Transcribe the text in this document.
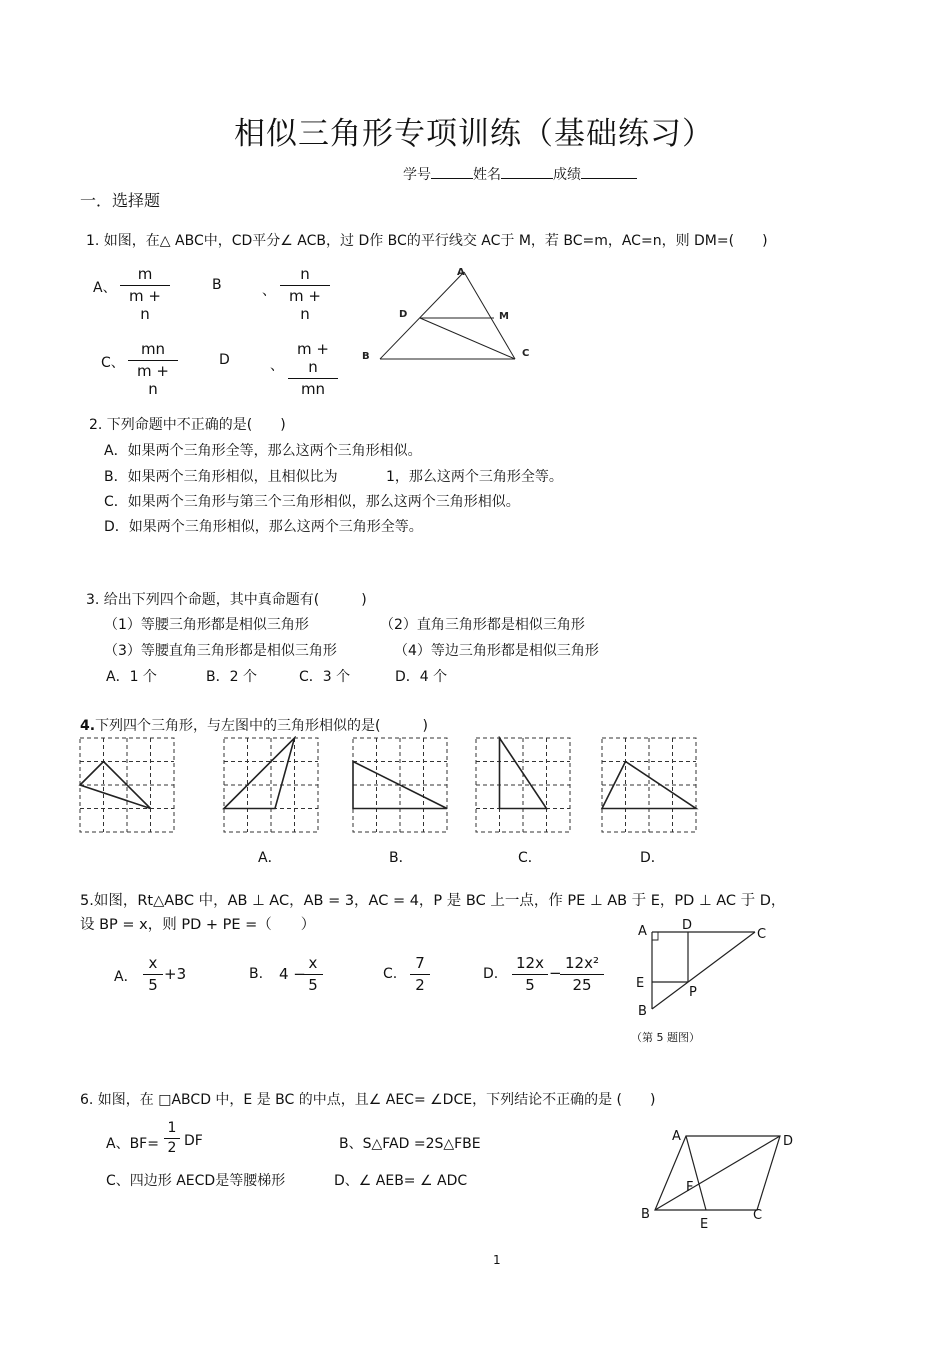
相似三角形专项训练（基础练习）
学号	姓名	成绩
一．选择题
1. 如图，在△ ABC中，CD平分∠ ACB，过 D作 BC的平行线交 AC于 M，若 BC=m，AC=n，则 DM=(　　)
A、
m
m + n
B	、
n
m + n
C、
mn
m + n
D	、
m + n
mn
A
D	M
B	C
2. 下列命题中不正确的是(　　)
A．如果两个三角形全等，那么这两个三角形相似。
B．如果两个三角形相似，且相似比为	1，那么这两个三角形全等。
C．如果两个三角形与第三个三角形相似，那么这两个三角形相似。
D．如果两个三角形相似，那么这两个三角形全等。
3. 给出下列四个命题，其中真命题有(　　　)
（1）等腰三角形都是相似三角形	（2）直角三角形都是相似三角形
（3）等腰直角三角形都是相似三角形	（4）等边三角形都是相似三角形
A．1 个	B．2 个	C．3 个	D．4 个
4.下列四个三角形，与左图中的三角形相似的是(　　　)
A．	B．	C．	D．
5.如图，Rt△ABC 中，AB ⊥ AC，AB = 3，AC = 4，P 是 BC 上一点，作 PE ⊥ AB 于 E，PD ⊥ AC 于 D，
设 BP = x，则 PD + PE =（　　）
A．
x
5
+3	B. 4 −
x
5
C.
7
2
D.
12x
5
−
12x²
25
A	D
C
E
P
B
（第 5 题图）
6. 如图，在 □ABCD 中，E 是 BC 的中点，且∠ AEC= ∠DCE，下列结论不正确的是 (　　)
A、BF=
1
2 DF	B、S△FAD =2S△FBE
C、四边形 AECD是等腰梯形	D、∠ AEB= ∠ ADC
A	D
F
B
E
C
1
